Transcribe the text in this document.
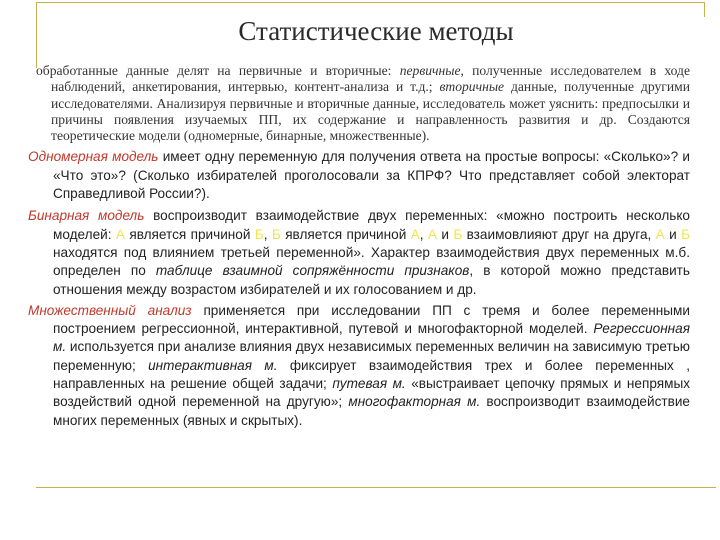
Статистические методы

обработанные данные делят на первичные и вторичные: первичные, полученные исследователем в ходе наблюдений, анкетирования, интервью, контент-анализа и т.д.; вторичные данные, полученные другими исследователями. Анализируя первичные и вторичные данные, исследователь может уяснить: предпосылки и причины появления изучаемых ПП, их содержание и направленность развития и др. Создаются теоретические модели (одномерные, бинарные, множественные).

Одномерная модель имеет одну переменную для получения ответа на простые вопросы: «Сколько»? и «Что это»? (Сколько избирателей проголосовали за КПРФ? Что представляет собой электорат Справедливой России?).

Бинарная модель воспроизводит взаимодействие двух переменных: «можно построить несколько моделей: А является причиной Б, Б является причиной А, А и Б взаимовлияют друг на друга, А и Б находятся под влиянием третьей переменной». Характер взаимодействия двух переменных м.б. определен по таблице взаимной сопряжённости признаков, в которой можно представить отношения между возрастом избирателей и их голосованием и др.

Множественный анализ применяется при исследовании ПП с тремя и более переменными построением регрессионной, интерактивной, путевой и многофакторной моделей. Регрессионная м. используется при анализе влияния двух независимых переменных величин на зависимую третью переменную; интерактивная м. фиксирует взаимодействия трех и более переменных , направленных на решение общей задачи; путевая м. «выстраивает цепочку прямых и непрямых воздействий одной переменной на другую»; многофакторная м. воспроизводит взаимодействие многих переменных (явных и скрытых).
